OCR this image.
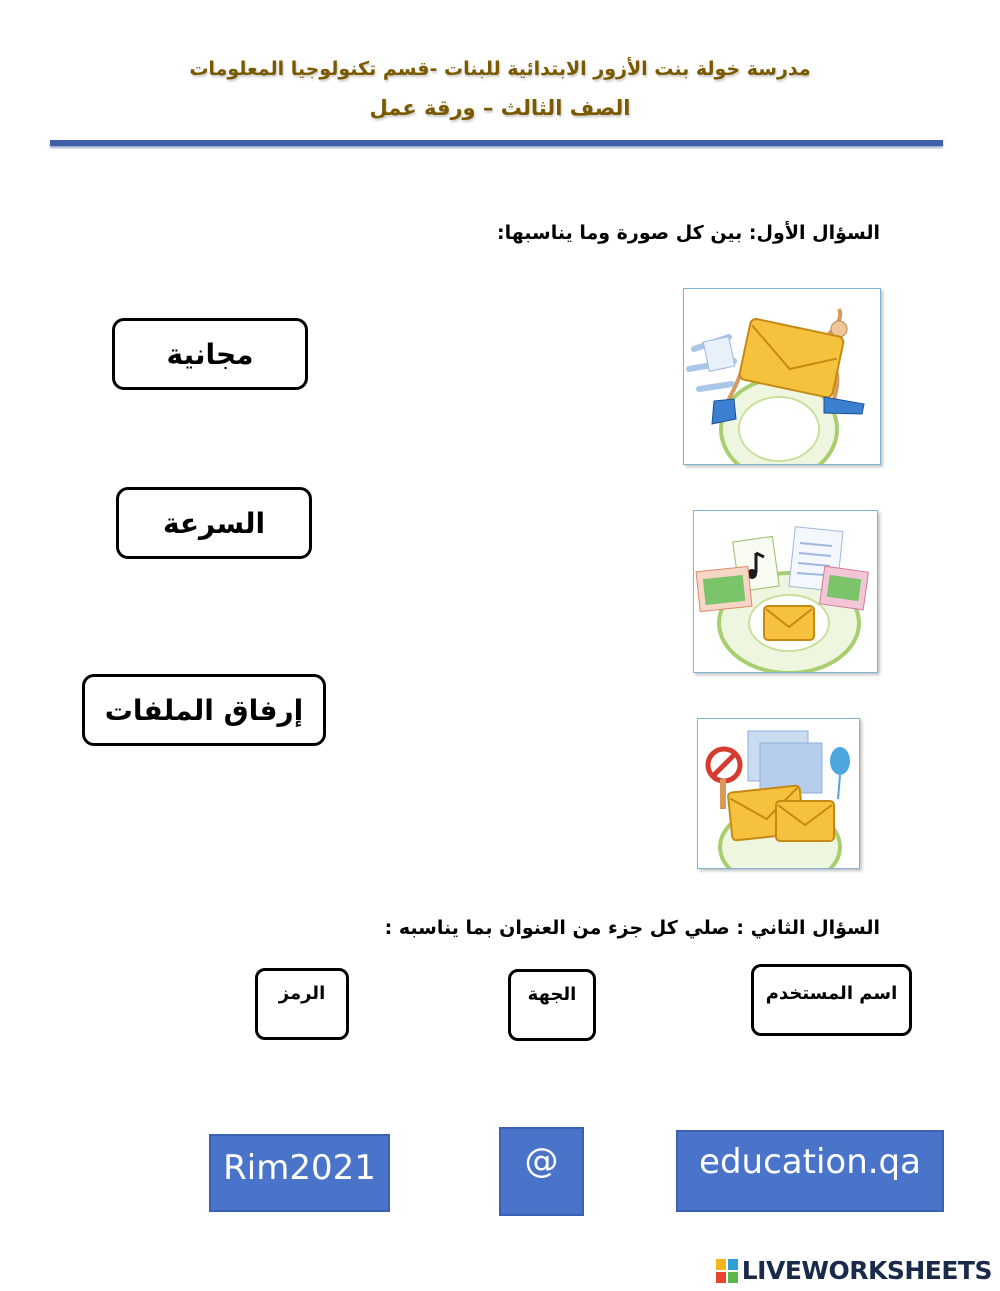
مدرسة خولة بنت الأزور الابتدائية للبنات -قسم تكنولوجيا المعلومات
الصف الثالث – ورقة عمل
السؤال الأول: بين كل صورة وما يناسبها:
مجانية
السرعة
إرفاق الملفات
السؤال الثاني : صلي كل جزء من العنوان بما يناسبه :
اسم المستخدم
الجهة
الرمز
education.qa
@
Rim2021
LIVEWORKSHEETS
